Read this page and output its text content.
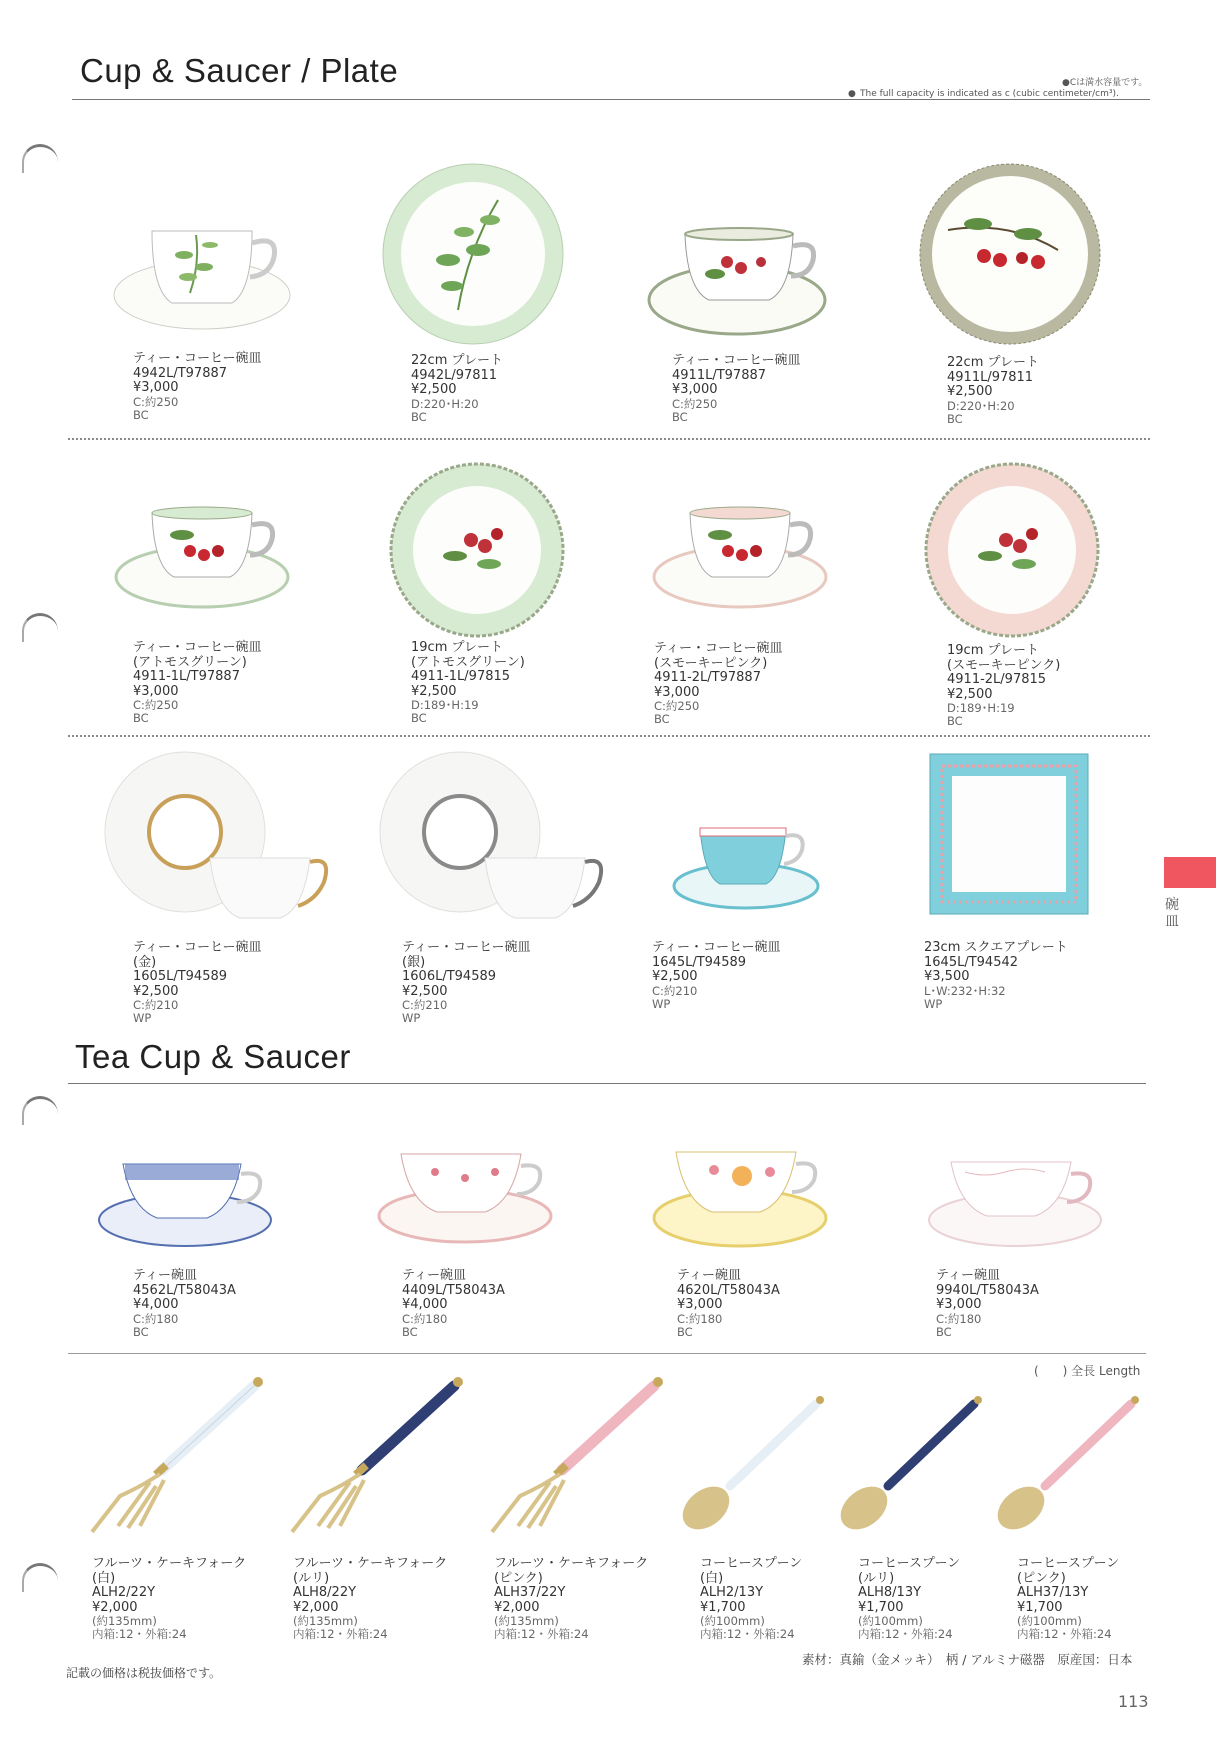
Cup & Saucer / Plate	●Cは満水容量です。
● The full capacity is indicated as c (cubic centimeter/cm³).
ティー・コーヒー碗皿
4942L/T97887
¥3,000
C:約250
BC
22cm プレート
4942L/97811
¥2,500
D:220･H:20
BC
ティー・コーヒー碗皿
4911L/T97887
¥3,000
C:約250
BC
22cm プレート
4911L/97811
¥2,500
D:220･H:20
BC
ティー・コーヒー碗皿
(アトモスグリーン)
4911-1L/T97887
¥3,000
C:約250
BC
19cm プレート
(アトモスグリーン)
4911-1L/97815
¥2,500
D:189･H:19
BC
ティー・コーヒー碗皿
(スモーキーピンク)
4911-2L/T97887
¥3,000
C:約250
BC
19cm プレート
(スモーキーピンク)
4911-2L/97815
¥2,500
D:189･H:19
BC
ティー・コーヒー碗皿
(金)
1605L/T94589
¥2,500
C:約210
WP
ティー・コーヒー碗皿
(銀)
1606L/T94589
¥2,500
C:約210
WP
ティー・コーヒー碗皿
1645L/T94589
¥2,500
C:約210
WP
23cm スクエアプレート
1645L/T94542
¥3,500
L･W:232･H:32
WP
碗皿
Tea Cup & Saucer
ティー碗皿
4562L/T58043A
¥4,000
C:約180
BC
ティー碗皿
4409L/T58043A
¥4,000
C:約180
BC
ティー碗皿
4620L/T58043A
¥3,000
C:約180
BC
ティー碗皿
9940L/T58043A
¥3,000
C:約180
BC
(　　) 全長 Length
フルーツ・ケーキフォーク
(白)
ALH2/22Y
¥2,000
(約135mm)
内箱:12・外箱:24
フルーツ・ケーキフォーク
(ルリ)
ALH8/22Y
¥2,000
(約135mm)
内箱:12・外箱:24
フルーツ・ケーキフォーク
(ピンク)
ALH37/22Y
¥2,000
(約135mm)
内箱:12・外箱:24
コーヒースプーン
(白)
ALH2/13Y
¥1,700
(約100mm)
内箱:12・外箱:24
コーヒースプーン
(ルリ)
ALH8/13Y
¥1,700
(約100mm)
内箱:12・外箱:24
コーヒースプーン
(ピンク)
ALH37/13Y
¥1,700
(約100mm)
内箱:12・外箱:24
素材：真鍮（金メッキ）　柄 / アルミナ磁器　原産国：日本
記載の価格は税抜価格です。
113
